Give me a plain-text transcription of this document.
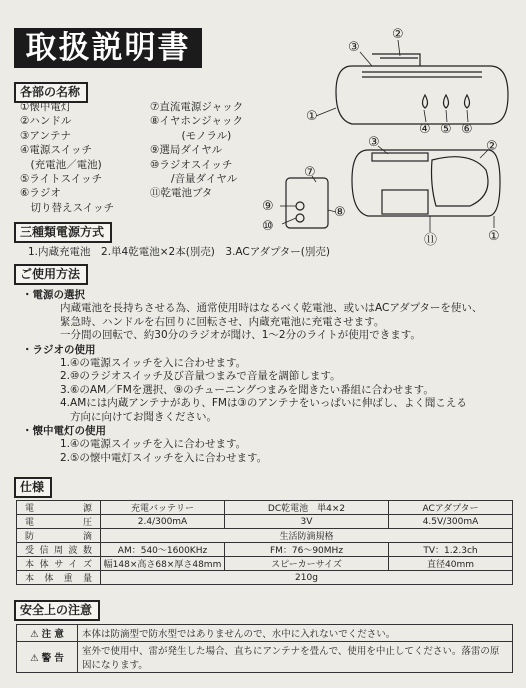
取扱説明書
各部の名称
①懐中電灯
②ハンドル
③アンテナ
④電源スイッチ
　(充電池／電池)
⑤ライトスイッチ
⑥ラジオ
　切り替えスイッチ
⑦直流電源ジャック
⑧イヤホンジャック
　　　(モノラル)
⑨選局ダイヤル
⑩ラジオスイッチ
　　/音量ダイヤル
⑪乾電池ブタ
①
②
③
④ ⑤ ⑥
③	②
①
⑪
⑦
⑧
⑨
⑩
三種類電源方式
1.内蔵充電池　2.単4乾電池×2本(別売)　3.ACアダプター(別売)
ご使用方法
・電源の選択
内蔵電池を長持ちさせる為、通常使用時はなるべく乾電池、或いはACアダプターを使い、
緊急時、ハンドルを右回りに回転させ、内蔵充電池に充電させます。
一分間の回転で、約30分のラジオが聞け、1〜2分のライトが使用できます。
・ラジオの使用
1.④の電源スイッチを入に合わせます。
2.⑩のラジオスイッチ及び音量つまみで音量を調節します。
3.⑥のAM／FMを選択、⑨のチューニングつまみを聞きたい番組に合わせます。
4.AMには内蔵アンテナがあり、FMは③のアンテナをいっぱいに伸ばし、よく聞こえる
方向に向けてお聞きください。
・懐中電灯の使用
1.④の電源スイッチを入に合わせます。
2.⑤の懐中電灯スイッチを入に合わせます。
仕様
電源	充電バッテリー	DC乾電池　単4×2	ACアダプター
電圧	2.4/300mA	3V	4.5V/300mA
防滴	生活防滴規格		
受信周波数	AM：540〜1600KHz	FM：76〜90MHz	TV：1.2.3ch
本体サイズ	幅148×高さ68×厚さ48mm	スピーカーサイズ	直径40mm
本体重量	210g		
安全上の注意
⚠ 注 意	本体は防滴型で防水型ではありませんので、水中に入れないでください。
⚠ 警 告	室外で使用中、雷が発生した場合、直ちにアンテナを畳んで、使用を中止してください。落雷の原因になります。
